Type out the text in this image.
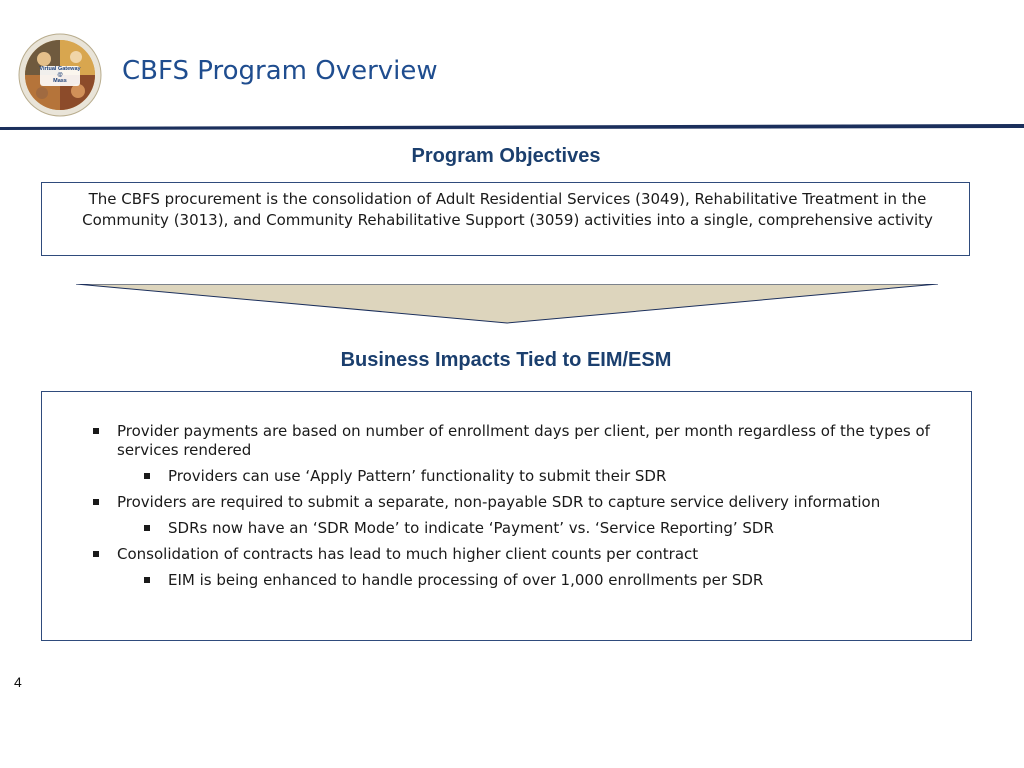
Virtual Gateway
@
Mass CBFS Program Overview
Program Objectives

The CBFS procurement is the consolidation of Adult Residential Services (3049), Rehabilitative Treatment in the Community (3013), and Community Rehabilitative Support (3059) activities into a single, comprehensive activity

Business Impacts Tied to EIM/ESM
Provider payments are based on number of enrollment days per client, per month regardless of the types of services rendered
Providers can use ‘Apply Pattern’ functionality to submit their SDR
Providers are required to submit a separate, non-payable SDR to capture service delivery information
SDRs now have an ‘SDR Mode’ to indicate ‘Payment’ vs. ‘Service Reporting’ SDR
Consolidation of contracts has lead to much higher client counts per contract
EIM is being enhanced to handle processing of over 1,000 enrollments per SDR
4
